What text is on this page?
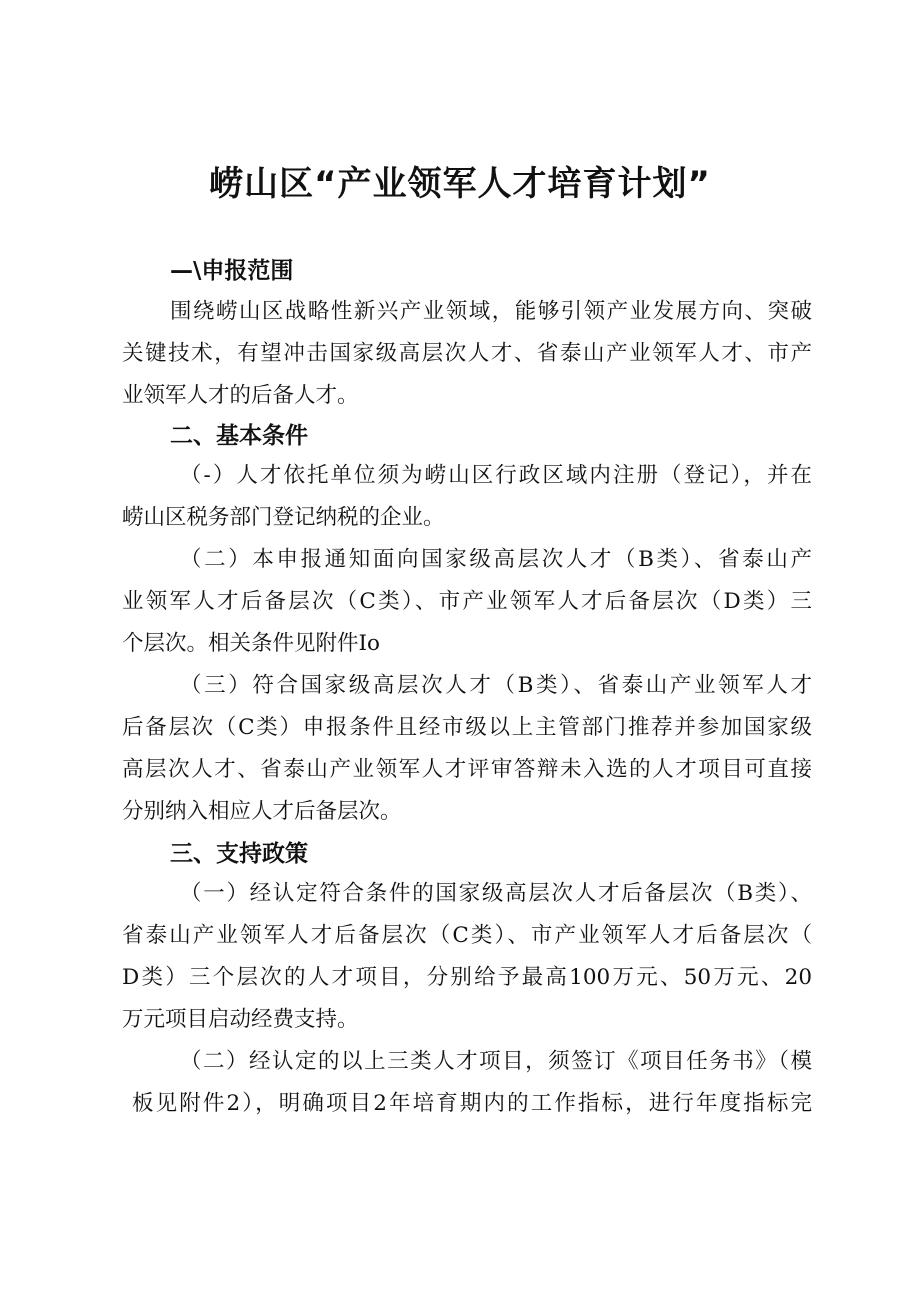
崂山区“产业领军人才培育计划”
—\申报范围
围绕崂山区战略性新兴产业领域，能够引领产业发展方向、突破
关键技术，有望冲击国家级高层次人才、省泰山产业领军人才、市产
业领军人才的后备人才。
二、基本条件
（-）人才依托单位须为崂山区行政区域内注册（登记），并在
崂山区税务部门登记纳税的企业。
（二）本申报通知面向国家级高层次人才（B类）、省泰山产
业领军人才后备层次（C类）、市产业领军人才后备层次（D类）三
个层次。相关条件见附件Io
（三）符合国家级高层次人才（B类）、省泰山产业领军人才
后备层次（C类）申报条件且经市级以上主管部门推荐并参加国家级
高层次人才、省泰山产业领军人才评审答辩未入选的人才项目可直接
分别纳入相应人才后备层次。
三、支持政策
（一）经认定符合条件的国家级高层次人才后备层次（B类）、
省泰山产业领军人才后备层次（C类）、市产业领军人才后备层次（
D类）三个层次的人才项目，分别给予最高100万元、50万元、20
万元项目启动经费支持。
（二）经认定的以上三类人才项目，须签订《项目任务书》（模
板见附件2），明确项目2年培育期内的工作指标，进行年度指标完
